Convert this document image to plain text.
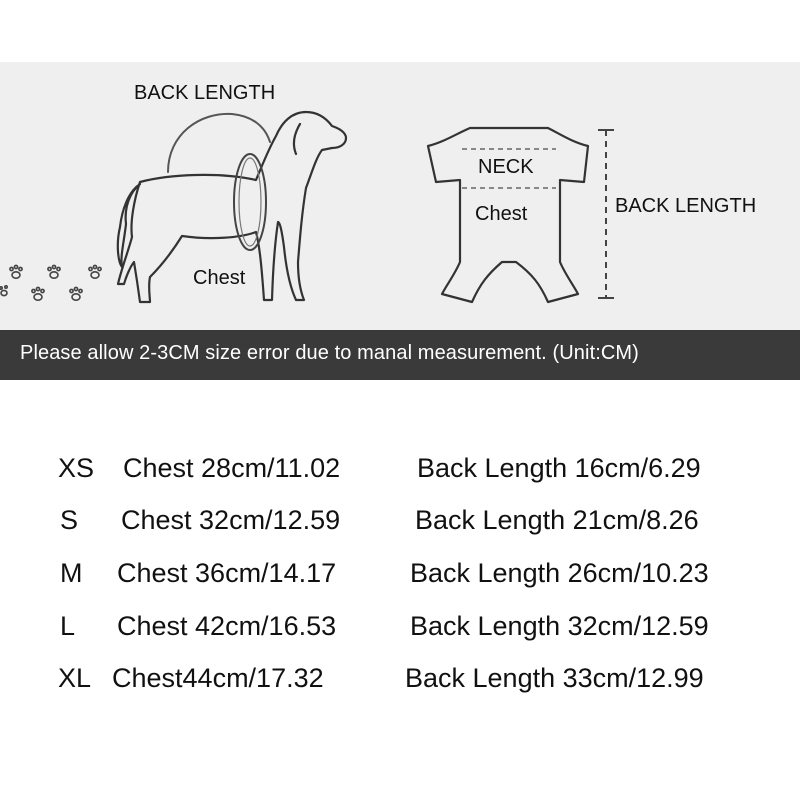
BACK LENGTH
Chest
NECK
Chest	BACK LENGTH
Please allow 2-3CM size error due to manal measurement. (Unit:CM)
XS Chest 28cm/11.02	Back Length 16cm/6.29
S Chest 32cm/12.59	Back Length 21cm/8.26
M Chest 36cm/14.17	Back Length 26cm/10.23
L Chest 42cm/16.53	Back Length 32cm/12.59
XL Chest44cm/17.32	Back Length 33cm/12.99
